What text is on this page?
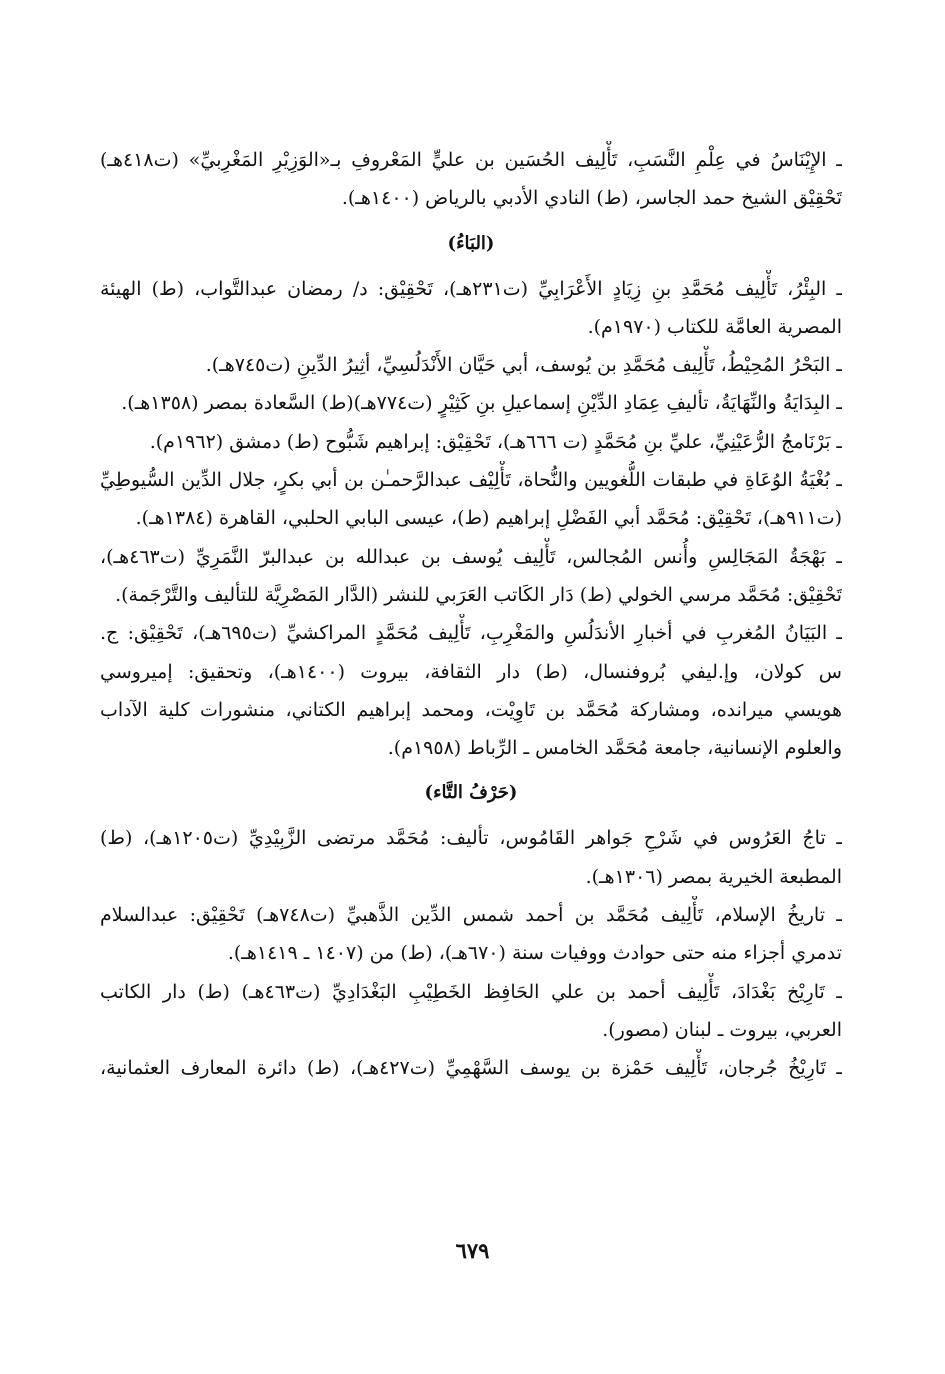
ـ الإِيْنَاسُ في عِلْمِ النَّسَبِ، تَأْلِيف الحُسَين بن عليٍّ المَعْروفِ بـ«الوَزِيْرِ المَغْرِبيِّ» (ت٤١٨هـ)
تَحْقِيْق الشيخ حمد الجاسر، (ط) النادي الأدبي بالرياض (١٤٠٠هـ).
(البَاءُ)
ـ البِئْرُ، تَأْلِيف مُحَمَّدِ بنِ زِيَادٍ الأَعْرَابِيِّ (ت٢٣١هـ)، تَحْقِيْق: د/ رمضان عبدالتَّواب، (ط) الهيئة
المصرية العامَّة للكتاب (١٩٧٠م).
ـ البَحْرُ المُحِيْطُ، تَأْلِيف مُحَمَّدِ بن يُوسف، أبي حَيَّان الأَنْدَلُسِيِّ، أثِيرُ الدِّينِ (ت٧٤٥هـ).
ـ البِدَايَةُ والنِّهَايَةُ، تأليفِ عِمَادِ الدِّيْنِ إسماعيلِ بنِ كَثِيْرٍ (ت٧٧٤هـ)(ط) السَّعادة بمصر (١٣٥٨هـ).
ـ بَرْنَامجُ الرُّعَيْنِيِّ، عليِّ بنِ مُحَمَّدٍ (ت ٦٦٦هـ)، تَحْقِيْق: إبراهيم شَبُّوح (ط) دمشق (١٩٦٢م).
ـ بُغْيَةُ الوُعَاةِ في طبقات اللُّغويين والنُّحاة، تَأْلِيْف عبدالرَّحمـٰن بن أبي بكرٍ، جلال الدِّين السُّيوطِيِّ
(ت٩١١هـ)، تَحْقِيْق: مُحَمَّد أبي الفَضْلِ إبراهيم (ط)، عيسى البابي الحلبي، القاهرة (١٣٨٤هـ).
ـ بَهْجَةُ المَجَالِسِ وأُنس المُجالس، تَأْلِيف يُوسف بن عبدالله بن عبدالبرّ النَّمَرِيِّ (ت٤٦٣هـ)،
تَحْقِيْق: مُحَمَّد مرسي الخولي (ط) دَار الكَاتب العَرَبي للنشر (الدَّار المَصْرِيَّة للتأليف والتَّرْجَمة).
ـ البَيَانُ المُغربِ في أخبارِ الأندَلُسِ والمَغْرِبِ، تَأْلِيف مُحَمَّدٍ المراكشيِّ (ت٦٩٥هـ)، تَحْقِيْق: ج.
س كولان، وإ.ليفي بُروفنسال، (ط) دار الثقافة، بيروت (١٤٠٠هـ)، وتحقيق: إميروسي
هويسي ميرانده، ومشاركة مُحَمَّد بن تَاوِيْت، ومحمد إبراهيم الكتاني، منشورات كلية الآداب
والعلوم الإنسانية، جامعة مُحَمَّد الخامس ـ الرِّباط (١٩٥٨م).
(حَرْفُ التَّاء)
ـ تاجُ العَرُوس في شَرْحِ جَواهر القَامُوس، تأليف: مُحَمَّد مرتضى الزَّبِيْدِيِّ (ت١٢٠٥هـ)، (ط)
المطبعة الخيرية بمصر (١٣٠٦هـ).
ـ تاريخُ الإسلام، تَأْلِيف مُحَمَّد بن أحمد شمس الدِّين الذَّهبيِّ (ت٧٤٨هـ) تَحْقِيْق: عبدالسلام
تدمري أجزاء منه حتى حوادث ووفيات سنة (٦٧٠هـ)، (ط) من (١٤٠٧ ـ ١٤١٩هـ).
ـ تَارِيْخ بَغْدَادَ، تَأْلِيف أحمد بن علي الحَافِظ الخَطِيْبِ البَغْدَادِيِّ (ت٤٦٣هـ) (ط) دار الكاتب
العربي، بيروت ـ لبنان (مصور).
ـ تَارِيْخُ جُرجان، تَأْلِيف حَمْزة بن يوسف السَّهْمِيِّ (ت٤٢٧هـ)، (ط) دائرة المعارف العثمانية،
٦٧٩
